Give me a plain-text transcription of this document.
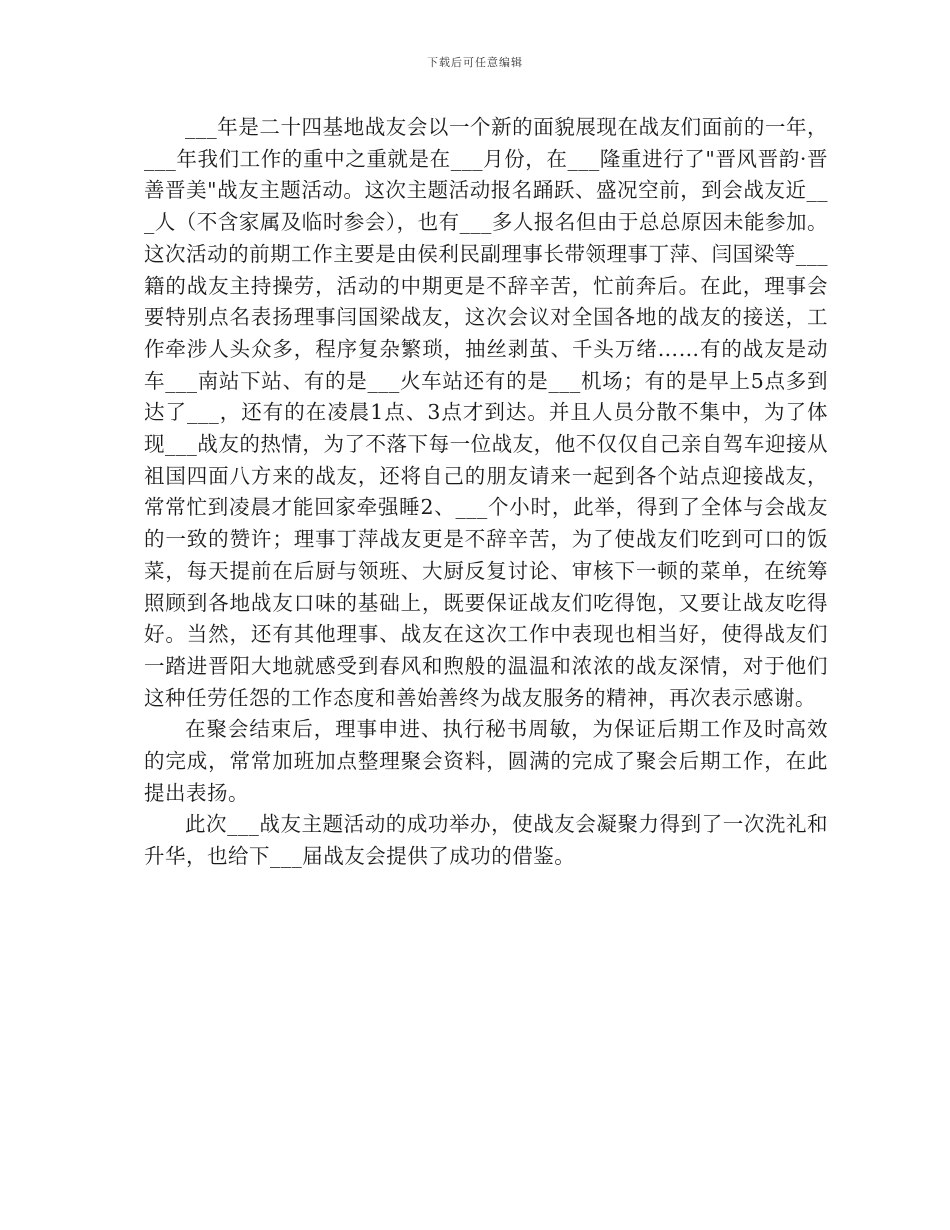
下载后可任意编辑

___年是二十四基地战友会以一个新的面貌展现在战友们面前的一年，___年我们工作的重中之重就是在___月份，在___隆重进行了"晋风晋韵·晋善晋美"战友主题活动。这次主题活动报名踊跃、盛况空前，到会战友近___人（不含家属及临时参会），也有___多人报名但由于总总原因未能参加。这次活动的前期工作主要是由侯利民副理事长带领理事丁萍、闫国梁等___籍的战友主持操劳，活动的中期更是不辞辛苦，忙前奔后。在此，理事会要特别点名表扬理事闫国梁战友，这次会议对全国各地的战友的接送，工作牵涉人头众多，程序复杂繁琐，抽丝剥茧、千头万绪……有的战友是动车___南站下站、有的是___火车站还有的是___机场；有的是早上5点多到达了___，还有的在凌晨1点、3点才到达。并且人员分散不集中，为了体现___战友的热情，为了不落下每一位战友，他不仅仅自己亲自驾车迎接从祖国四面八方来的战友，还将自己的朋友请来一起到各个站点迎接战友，常常忙到凌晨才能回家牵强睡2、___个小时，此举，得到了全体与会战友的一致的赞许；理事丁萍战友更是不辞辛苦，为了使战友们吃到可口的饭菜，每天提前在后厨与领班、大厨反复讨论、审核下一顿的菜单，在统筹照顾到各地战友口味的基础上，既要保证战友们吃得饱，又要让战友吃得好。当然，还有其他理事、战友在这次工作中表现也相当好，使得战友们一踏进晋阳大地就感受到春风和煦般的温温和浓浓的战友深情，对于他们这种任劳任怨的工作态度和善始善终为战友服务的精神，再次表示感谢。

在聚会结束后，理事申进、执行秘书周敏，为保证后期工作及时高效的完成，常常加班加点整理聚会资料，圆满的完成了聚会后期工作，在此提出表扬。

此次___战友主题活动的成功举办，使战友会凝聚力得到了一次洗礼和升华，也给下___届战友会提供了成功的借鉴。
